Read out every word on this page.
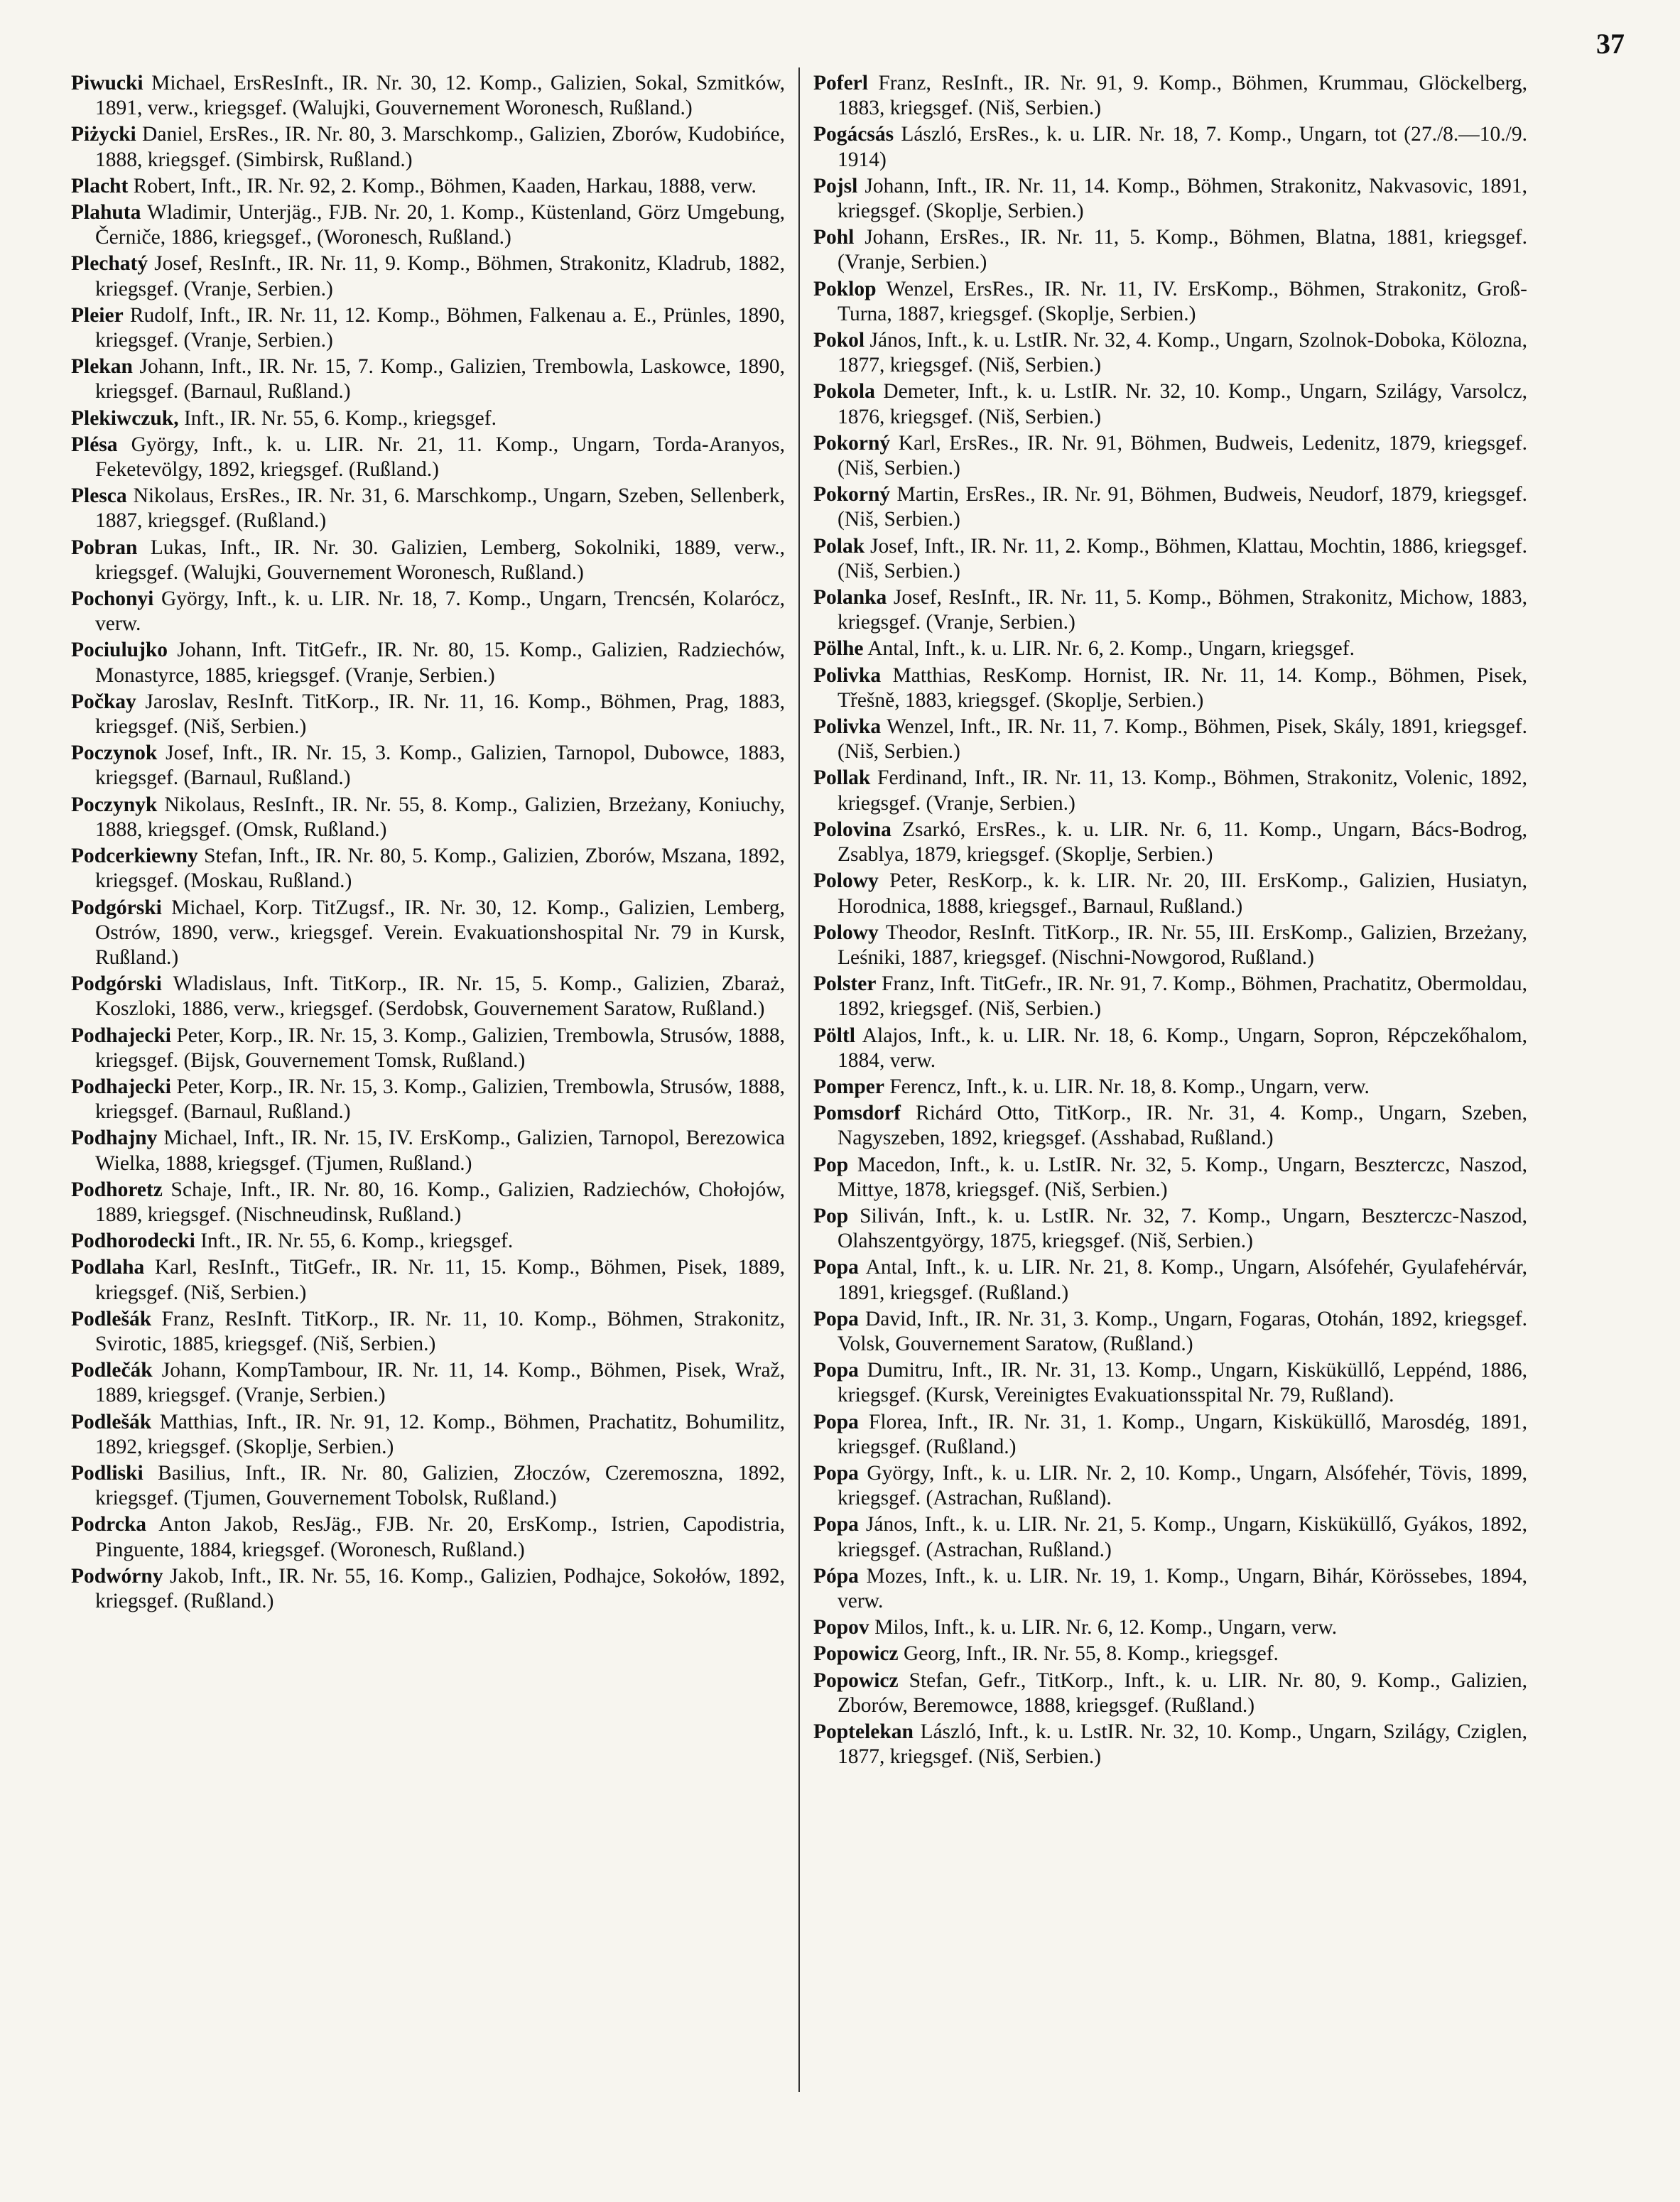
37

Piwucki Michael, ErsResInft., IR. Nr. 30, 12. Komp., Galizien, Sokal, Szmitków, 1891, verw., kriegsgef. (Walujki, Gouvernement Woronesch, Rußland.)

Piżycki Daniel, ErsRes., IR. Nr. 80, 3. Marschkomp., Galizien, Zborów, Kudobińce, 1888, kriegsgef. (Simbirsk, Rußland.)

Placht Robert, Inft., IR. Nr. 92, 2. Komp., Böhmen, Kaaden, Harkau, 1888, verw.

Plahuta Wladimir, Unterjäg., FJB. Nr. 20, 1. Komp., Küstenland, Görz Umgebung, Černiče, 1886, kriegsgef., (Woronesch, Rußland.)

Plechatý Josef, ResInft., IR. Nr. 11, 9. Komp., Böhmen, Strakonitz, Kladrub, 1882, kriegsgef. (Vranje, Serbien.)

Pleier Rudolf, Inft., IR. Nr. 11, 12. Komp., Böhmen, Falkenau a. E., Prünles, 1890, kriegsgef. (Vranje, Serbien.)

Plekan Johann, Inft., IR. Nr. 15, 7. Komp., Galizien, Trembowla, Laskowce, 1890, kriegsgef. (Barnaul, Rußland.)

Plekiwczuk, Inft., IR. Nr. 55, 6. Komp., kriegsgef.

Plésa György, Inft., k. u. LIR. Nr. 21, 11. Komp., Ungarn, Torda-Aranyos, Feketevölgy, 1892, kriegsgef. (Rußland.)

Plesca Nikolaus, ErsRes., IR. Nr. 31, 6. Marschkomp., Ungarn, Szeben, Sellenberk, 1887, kriegsgef. (Rußland.)

Pobran Lukas, Inft., IR. Nr. 30. Galizien, Lemberg, Sokolniki, 1889, verw., kriegsgef. (Walujki, Gouvernement Woronesch, Rußland.)

Pochonyi György, Inft., k. u. LIR. Nr. 18, 7. Komp., Ungarn, Trencsén, Kolarócz, verw.

Pociulujko Johann, Inft. TitGefr., IR. Nr. 80, 15. Komp., Galizien, Radziechów, Monastyrce, 1885, kriegsgef. (Vranje, Serbien.)

Počkay Jaroslav, ResInft. TitKorp., IR. Nr. 11, 16. Komp., Böhmen, Prag, 1883, kriegsgef. (Niš, Serbien.)

Poczynok Josef, Inft., IR. Nr. 15, 3. Komp., Galizien, Tarnopol, Dubowce, 1883, kriegsgef. (Barnaul, Rußland.)

Poczynyk Nikolaus, ResInft., IR. Nr. 55, 8. Komp., Galizien, Brzeżany, Koniuchy, 1888, kriegsgef. (Omsk, Rußland.)

Podcerkiewny Stefan, Inft., IR. Nr. 80, 5. Komp., Galizien, Zborów, Mszana, 1892, kriegsgef. (Moskau, Rußland.)

Podgórski Michael, Korp. TitZugsf., IR. Nr. 30, 12. Komp., Galizien, Lemberg, Ostrów, 1890, verw., kriegsgef. Verein. Evakuationshospital Nr. 79 in Kursk, Rußland.)

Podgórski Wladislaus, Inft. TitKorp., IR. Nr. 15, 5. Komp., Galizien, Zbaraż, Koszloki, 1886, verw., kriegsgef. (Serdobsk, Gouvernement Saratow, Rußland.)

Podhajecki Peter, Korp., IR. Nr. 15, 3. Komp., Galizien, Trembowla, Strusów, 1888, kriegsgef. (Bijsk, Gouvernement Tomsk, Rußland.)

Podhajecki Peter, Korp., IR. Nr. 15, 3. Komp., Galizien, Trembowla, Strusów, 1888, kriegsgef. (Barnaul, Rußland.)

Podhajny Michael, Inft., IR. Nr. 15, IV. ErsKomp., Galizien, Tarnopol, Berezowica Wielka, 1888, kriegsgef. (Tjumen, Rußland.)

Podhoretz Schaje, Inft., IR. Nr. 80, 16. Komp., Galizien, Radziechów, Chołojów, 1889, kriegsgef. (Nischneudinsk, Rußland.)

Podhorodecki Inft., IR. Nr. 55, 6. Komp., kriegsgef.

Podlaha Karl, ResInft., TitGefr., IR. Nr. 11, 15. Komp., Böhmen, Pisek, 1889, kriegsgef. (Niš, Serbien.)

Podlešák Franz, ResInft. TitKorp., IR. Nr. 11, 10. Komp., Böhmen, Strakonitz, Svirotic, 1885, kriegsgef. (Niš, Serbien.)

Podlečák Johann, KompTambour, IR. Nr. 11, 14. Komp., Böhmen, Pisek, Wraž, 1889, kriegsgef. (Vranje, Serbien.)

Podlešák Matthias, Inft., IR. Nr. 91, 12. Komp., Böhmen, Prachatitz, Bohumilitz, 1892, kriegsgef. (Skoplje, Serbien.)

Podliski Basilius, Inft., IR. Nr. 80, Galizien, Złoczów, Czeremoszna, 1892, kriegsgef. (Tjumen, Gouvernement Tobolsk, Rußland.)

Podrcka Anton Jakob, ResJäg., FJB. Nr. 20, ErsKomp., Istrien, Capodistria, Pinguente, 1884, kriegsgef. (Woronesch, Rußland.)

Podwórny Jakob, Inft., IR. Nr. 55, 16. Komp., Galizien, Podhajce, Sokołów, 1892, kriegsgef. (Rußland.)

Poferl Franz, ResInft., IR. Nr. 91, 9. Komp., Böhmen, Krummau, Glöckelberg, 1883, kriegsgef. (Niš, Serbien.)

Pogácsás László, ErsRes., k. u. LIR. Nr. 18, 7. Komp., Ungarn, tot (27./8.—10./9. 1914)

Pojsl Johann, Inft., IR. Nr. 11, 14. Komp., Böhmen, Strakonitz, Nakvasovic, 1891, kriegsgef. (Skoplje, Serbien.)

Pohl Johann, ErsRes., IR. Nr. 11, 5. Komp., Böhmen, Blatna, 1881, kriegsgef. (Vranje, Serbien.)

Poklop Wenzel, ErsRes., IR. Nr. 11, IV. ErsKomp., Böhmen, Strakonitz, Groß-Turna, 1887, kriegsgef. (Skoplje, Serbien.)

Pokol János, Inft., k. u. LstIR. Nr. 32, 4. Komp., Ungarn, Szolnok-Doboka, Kölozna, 1877, kriegsgef. (Niš, Serbien.)

Pokola Demeter, Inft., k. u. LstIR. Nr. 32, 10. Komp., Ungarn, Szilágy, Varsolcz, 1876, kriegsgef. (Niš, Serbien.)

Pokorný Karl, ErsRes., IR. Nr. 91, Böhmen, Budweis, Ledenitz, 1879, kriegsgef. (Niš, Serbien.)

Pokorný Martin, ErsRes., IR. Nr. 91, Böhmen, Budweis, Neudorf, 1879, kriegsgef. (Niš, Serbien.)

Polak Josef, Inft., IR. Nr. 11, 2. Komp., Böhmen, Klattau, Mochtin, 1886, kriegsgef. (Niš, Serbien.)

Polanka Josef, ResInft., IR. Nr. 11, 5. Komp., Böhmen, Strakonitz, Michow, 1883, kriegsgef. (Vranje, Serbien.)

Pölhe Antal, Inft., k. u. LIR. Nr. 6, 2. Komp., Ungarn, kriegsgef.

Polivka Matthias, ResKomp. Hornist, IR. Nr. 11, 14. Komp., Böhmen, Pisek, Třešně, 1883, kriegsgef. (Skoplje, Serbien.)

Polivka Wenzel, Inft., IR. Nr. 11, 7. Komp., Böhmen, Pisek, Skály, 1891, kriegsgef. (Niš, Serbien.)

Pollak Ferdinand, Inft., IR. Nr. 11, 13. Komp., Böhmen, Strakonitz, Volenic, 1892, kriegsgef. (Vranje, Serbien.)

Polovina Zsarkó, ErsRes., k. u. LIR. Nr. 6, 11. Komp., Ungarn, Bács-Bodrog, Zsablya, 1879, kriegsgef. (Skoplje, Serbien.)

Polowy Peter, ResKorp., k. k. LIR. Nr. 20, III. ErsKomp., Galizien, Husiatyn, Horodnica, 1888, kriegsgef., Barnaul, Rußland.)

Polowy Theodor, ResInft. TitKorp., IR. Nr. 55, III. ErsKomp., Galizien, Brzeżany, Leśniki, 1887, kriegsgef. (Nischni-Nowgorod, Rußland.)

Polster Franz, Inft. TitGefr., IR. Nr. 91, 7. Komp., Böhmen, Prachatitz, Obermoldau, 1892, kriegsgef. (Niš, Serbien.)

Pöltl Alajos, Inft., k. u. LIR. Nr. 18, 6. Komp., Ungarn, Sopron, Répczekőhalom, 1884, verw.

Pomper Ferencz, Inft., k. u. LIR. Nr. 18, 8. Komp., Ungarn, verw.

Pomsdorf Richárd Otto, TitKorp., IR. Nr. 31, 4. Komp., Ungarn, Szeben, Nagyszeben, 1892, kriegsgef. (Asshabad, Rußland.)

Pop Macedon, Inft., k. u. LstIR. Nr. 32, 5. Komp., Ungarn, Beszterczc, Naszod, Mittye, 1878, kriegsgef. (Niš, Serbien.)

Pop Siliván, Inft., k. u. LstIR. Nr. 32, 7. Komp., Ungarn, Beszterczc-Naszod, Olahszentgyörgy, 1875, kriegsgef. (Niš, Serbien.)

Popa Antal, Inft., k. u. LIR. Nr. 21, 8. Komp., Ungarn, Alsófehér, Gyulafehérvár, 1891, kriegsgef. (Rußland.)

Popa David, Inft., IR. Nr. 31, 3. Komp., Ungarn, Fogaras, Otohán, 1892, kriegsgef. Volsk, Gouvernement Saratow, (Rußland.)

Popa Dumitru, Inft., IR. Nr. 31, 13. Komp., Ungarn, Kisküküllő, Leppénd, 1886, kriegsgef. (Kursk, Vereinigtes Evakuationsspital Nr. 79, Rußland).

Popa Florea, Inft., IR. Nr. 31, 1. Komp., Ungarn, Kisküküllő, Marosdég, 1891, kriegsgef. (Rußland.)

Popa György, Inft., k. u. LIR. Nr. 2, 10. Komp., Ungarn, Alsófehér, Tövis, 1899, kriegsgef. (Astrachan, Rußland).

Popa János, Inft., k. u. LIR. Nr. 21, 5. Komp., Ungarn, Kisküküllő, Gyákos, 1892, kriegsgef. (Astrachan, Rußland.)

Pópa Mozes, Inft., k. u. LIR. Nr. 19, 1. Komp., Ungarn, Bihár, Körössebes, 1894, verw.

Popov Milos, Inft., k. u. LIR. Nr. 6, 12. Komp., Ungarn, verw.

Popowicz Georg, Inft., IR. Nr. 55, 8. Komp., kriegsgef.

Popowicz Stefan, Gefr., TitKorp., Inft., k. u. LIR. Nr. 80, 9. Komp., Galizien, Zborów, Beremowce, 1888, kriegsgef. (Rußland.)

Poptelekan László, Inft., k. u. LstIR. Nr. 32, 10. Komp., Ungarn, Szilágy, Cziglen, 1877, kriegsgef. (Niš, Serbien.)
